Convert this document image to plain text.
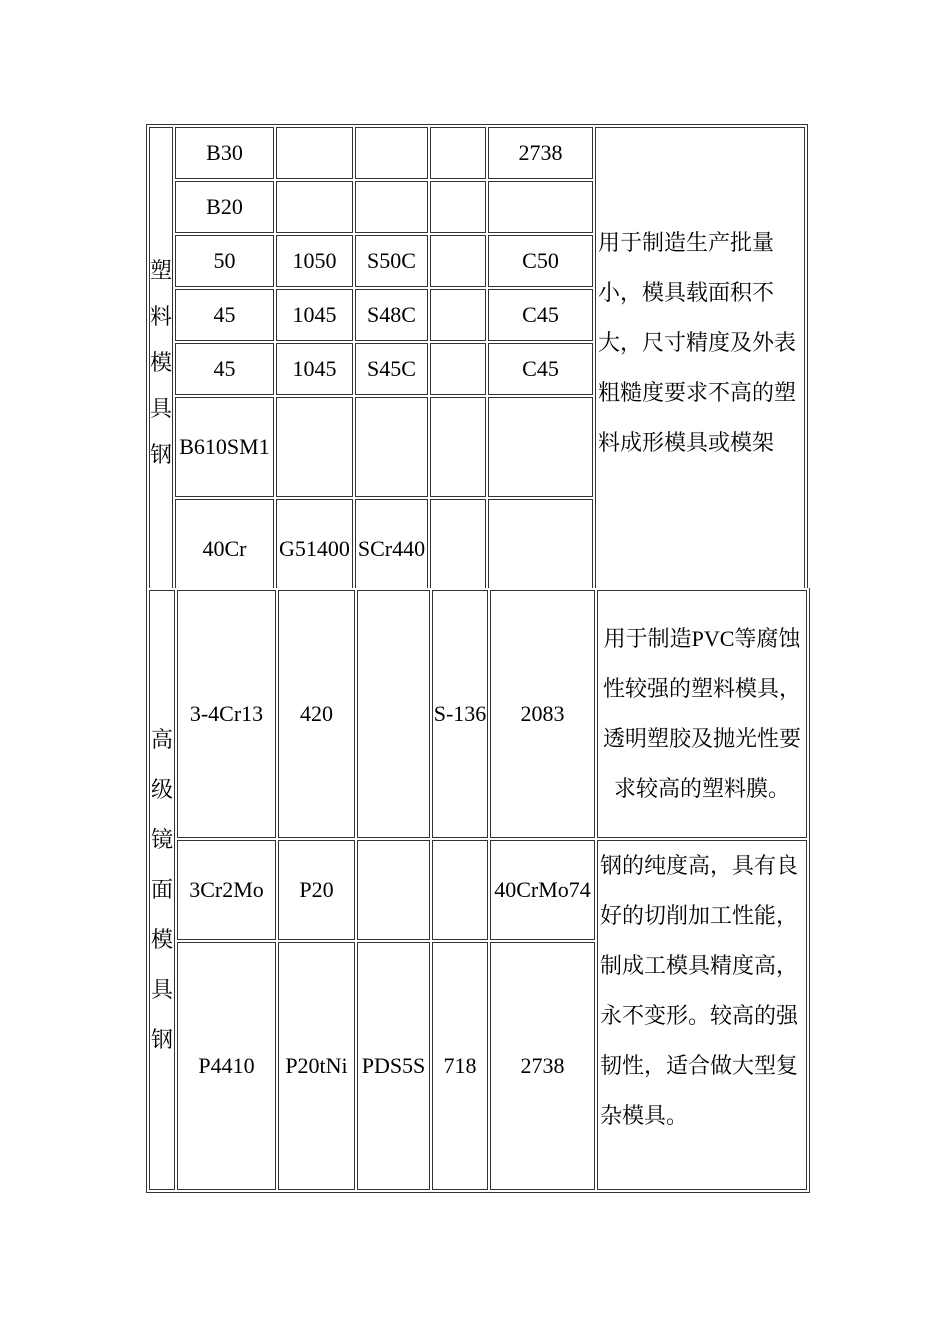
塑料模具钢	B30				2738	用于制造生产批量小，模具载面积不大，尺寸精度及外表粗糙度要求不高的塑料成形模具或模架
	B20					
	50	1050	S50C		C50	
	45	1045	S48C		C45	
	45	1045	S45C		C45	
	B610SM1					
	40Cr	G51400	SCr440			
高级镜面模具钢	3-4Cr13	420		S-136	2083	用于制造PVC等腐蚀性较强的塑料模具，透明塑胶及抛光性要求较高的塑料膜。
	3Cr2Mo	P20			40CrMo74	钢的纯度高，具有良好的切削加工性能，制成工模具精度高，永不变形。较高的强韧性，适合做大型复杂模具。
	P4410	P20tNi	PDS5S	718	2738	
